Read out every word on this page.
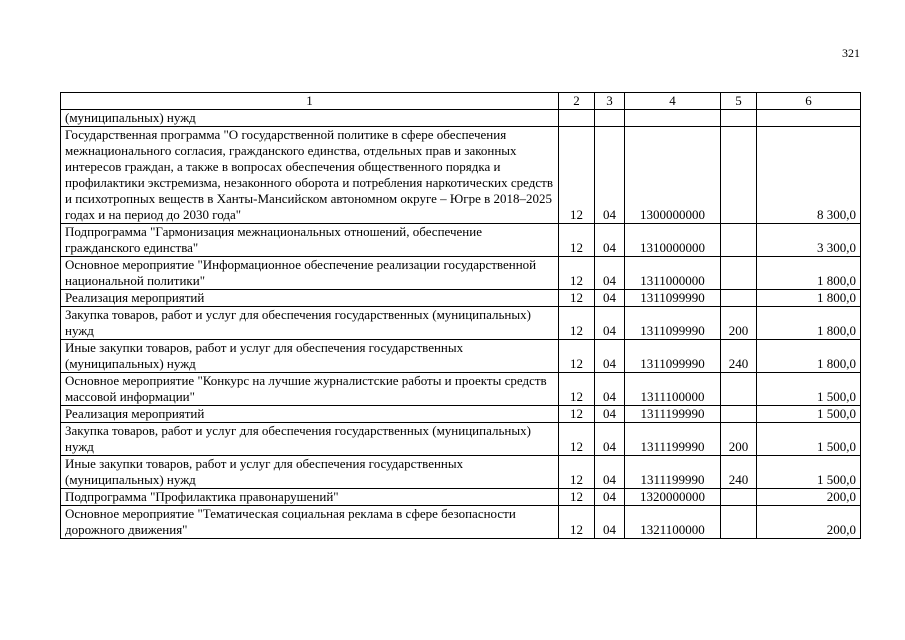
321
1	2	3	4	5	6
(муниципальных) нужд					
Государственная программа "О государственной политике в сфере обеспечения межнационального согласия, гражданского единства, отдельных прав и законных интересов граждан, а также в вопросах обеспечения общественного порядка и профилактики экстремизма, незаконного оборота и потребления наркотических средств и психотропных веществ в Ханты-Мансийском автономном округе – Югре в 2018–2025 годах и на период до 2030 года"	12	04	1300000000		8 300,0
Подпрограмма "Гармонизация межнациональных отношений, обеспечение гражданского единства"	12	04	1310000000		3 300,0
Основное мероприятие "Информационное обеспечение реализации государственной национальной политики"	12	04	1311000000		1 800,0
Реализация мероприятий	12	04	1311099990		1 800,0
Закупка товаров, работ и услуг для обеспечения государственных (муниципальных) нужд	12	04	1311099990	200	1 800,0
Иные закупки товаров, работ и услуг для обеспечения государственных (муниципальных) нужд	12	04	1311099990	240	1 800,0
Основное мероприятие "Конкурс на лучшие журналистские работы и проекты средств массовой информации"	12	04	1311100000		1 500,0
Реализация мероприятий	12	04	1311199990		1 500,0
Закупка товаров, работ и услуг для обеспечения государственных (муниципальных) нужд	12	04	1311199990	200	1 500,0
Иные закупки товаров, работ и услуг для обеспечения государственных (муниципальных) нужд	12	04	1311199990	240	1 500,0
Подпрограмма "Профилактика правонарушений"	12	04	1320000000		200,0
Основное мероприятие "Тематическая социальная реклама в сфере безопасности дорожного движения"	12	04	1321100000		200,0
